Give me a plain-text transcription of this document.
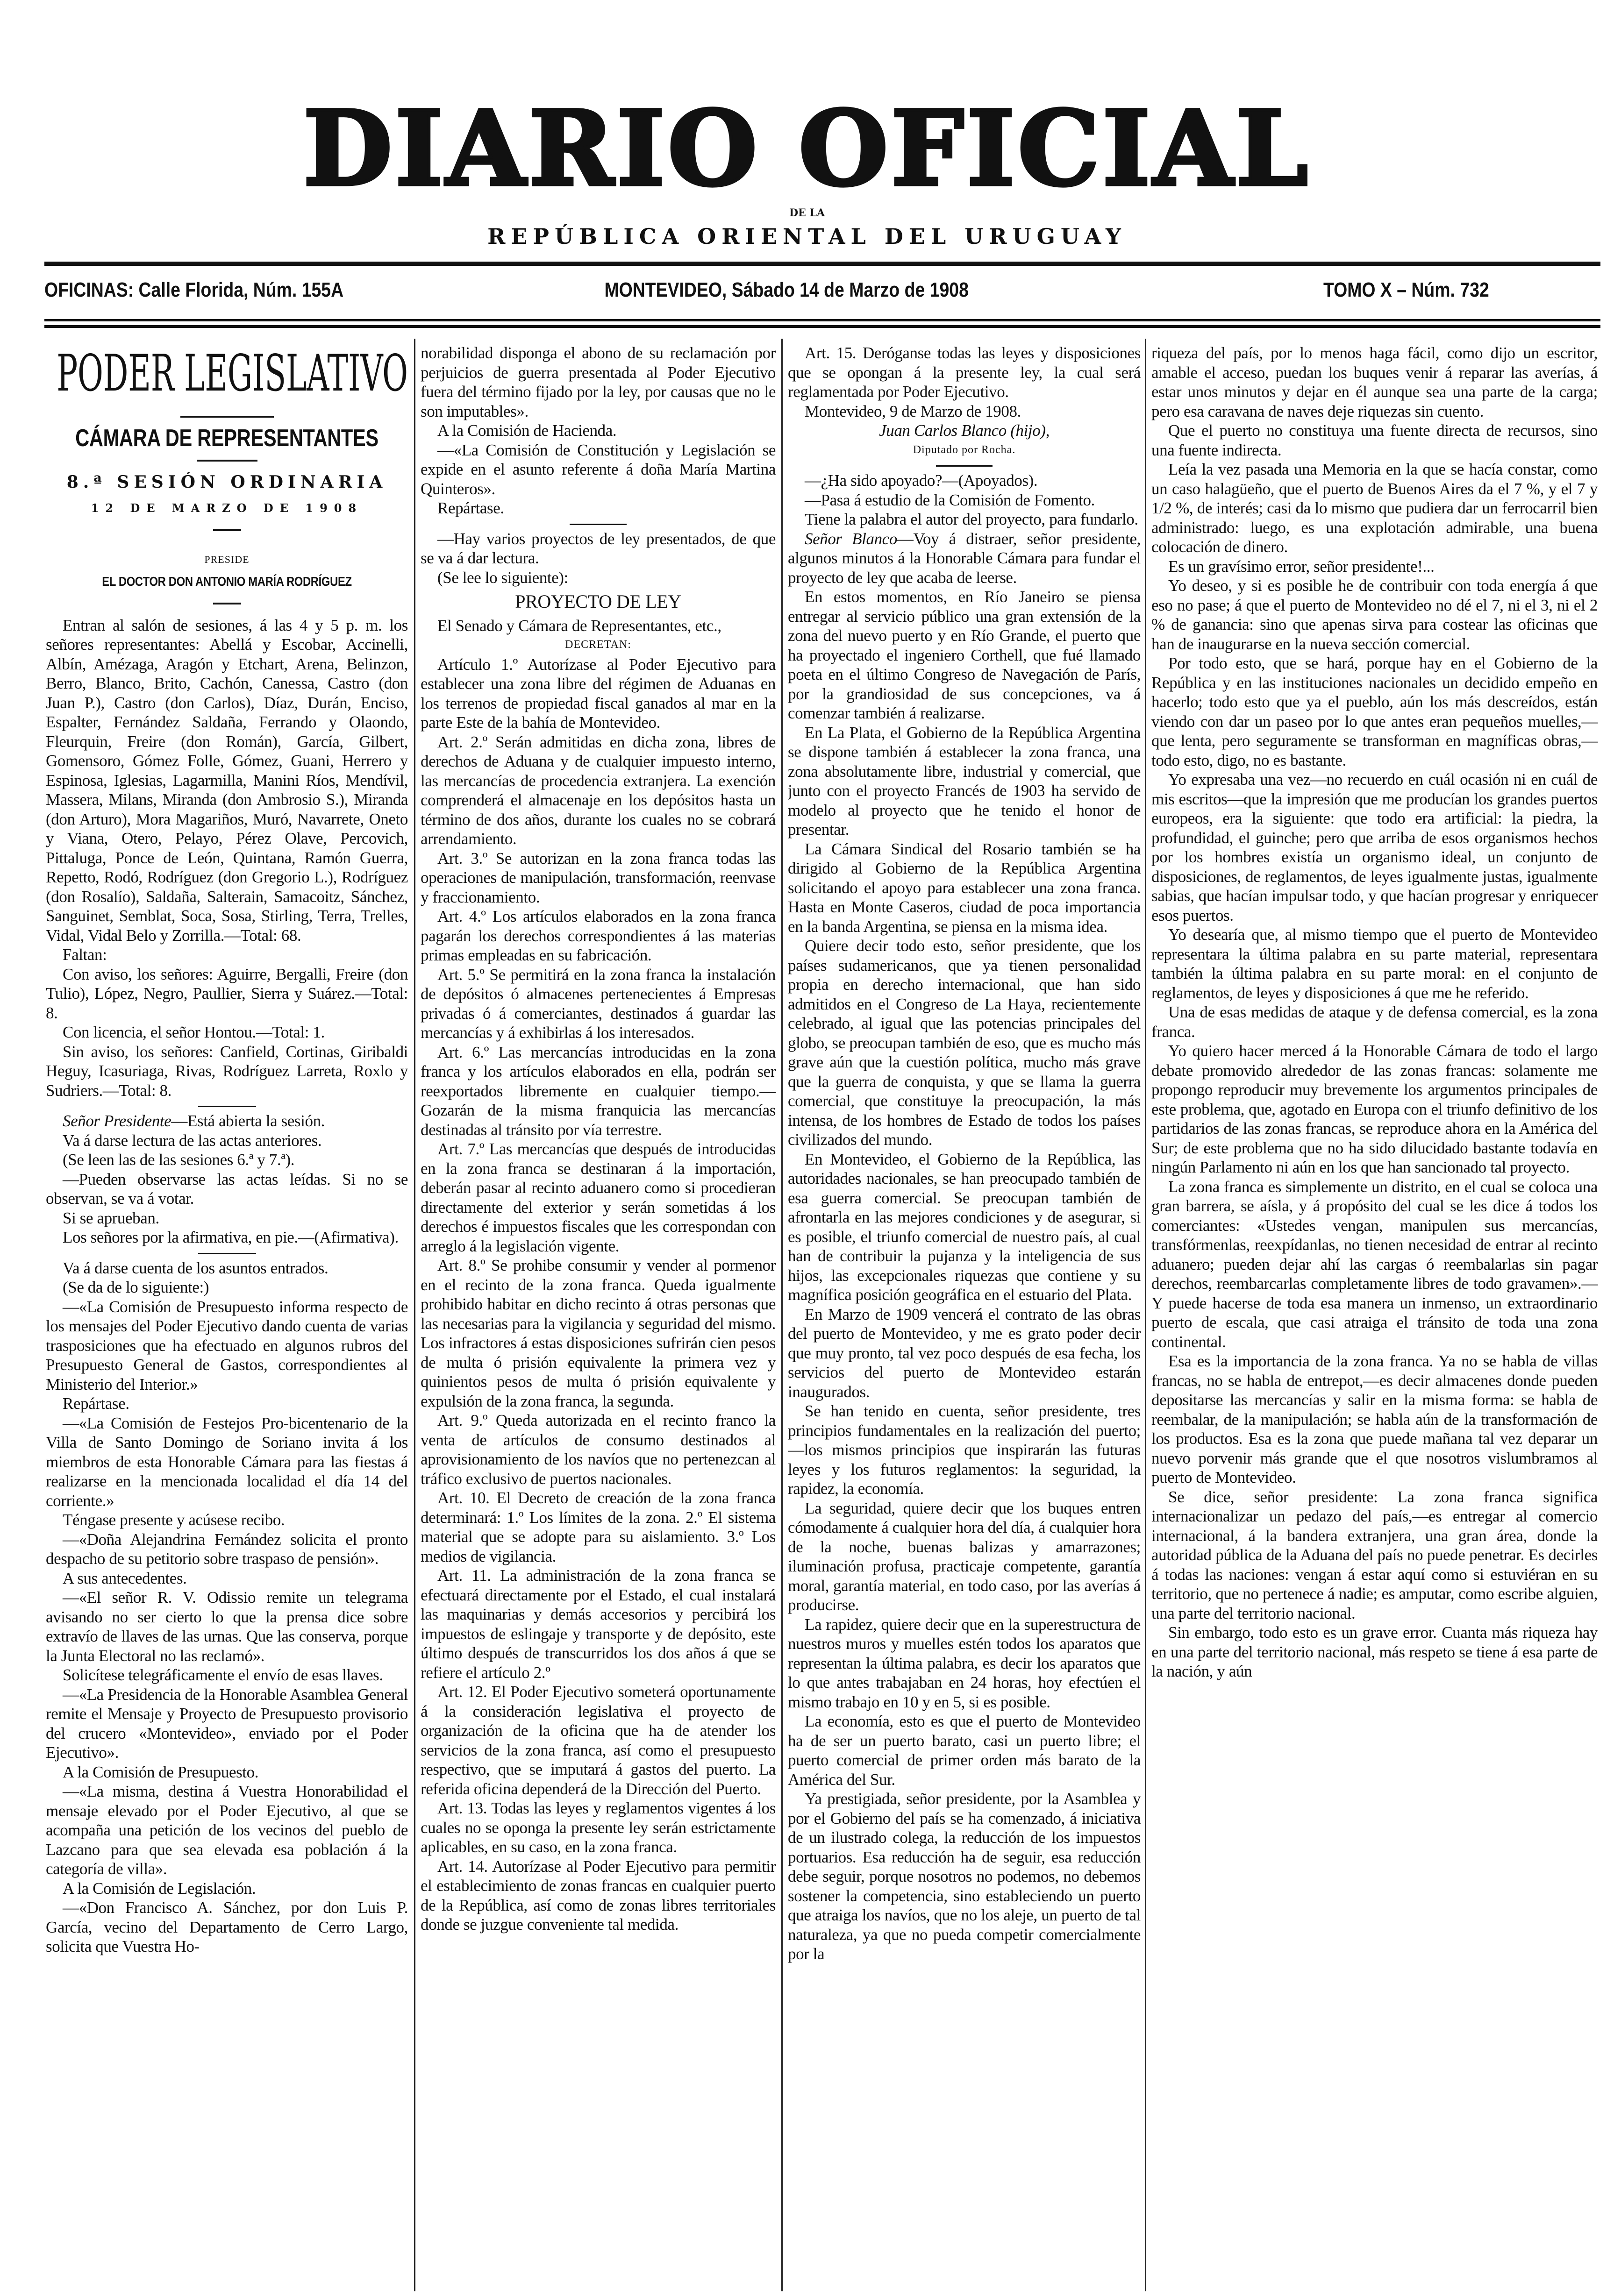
DIARIO OFICIAL
DE LA
REPÚBLICA ORIENTAL DEL URUGUAY
OFICINAS: Calle Florida, Núm. 155A	MONTEVIDEO, Sábado 14 de Marzo de 1908	TOMO X – Núm. 732
PODER LEGISLATIVO
CÁMARA DE REPRESENTANTES
8.ª SESIÓN ORDINARIA
12 DE MARZO DE 1908
PRESIDE
EL DOCTOR DON ANTONIO MARÍA RODRÍGUEZ

Entran al salón de sesiones, á las 4 y 5 p. m. los señores representantes: Abellá y Escobar, Accinelli, Albín, Amézaga, Aragón y Etchart, Arena, Belinzon, Berro, Blanco, Brito, Cachón, Canessa, Castro (don Juan P.), Castro (don Carlos), Díaz, Durán, Enciso, Espalter, Fernández Saldaña, Ferrando y Olaondo, Fleurquin, Freire (don Román), García, Gilbert, Gomensoro, Gómez Folle, Gómez, Guani, Herrero y Espinosa, Iglesias, Lagarmilla, Manini Ríos, Mendívil, Massera, Milans, Miranda (don Ambrosio S.), Miranda (don Arturo), Mora Magariños, Muró, Navarrete, Oneto y Viana, Otero, Pelayo, Pérez Olave, Percovich, Pittaluga, Ponce de León, Quintana, Ramón Guerra, Repetto, Rodó, Rodríguez (don Gregorio L.), Rodríguez (don Rosalío), Saldaña, Salterain, Samacoitz, Sánchez, Sanguinet, Semblat, Soca, Sosa, Stirling, Terra, Trelles, Vidal, Vidal Belo y Zorrilla.—Total: 68.

Faltan:

Con aviso, los señores: Aguirre, Bergalli, Freire (don Tulio), López, Negro, Paullier, Sierra y Suárez.—Total: 8.

Con licencia, el señor Hontou.—Total: 1.

Sin aviso, los señores: Canfield, Cortinas, Giribaldi Heguy, Icasuriaga, Rivas, Rodríguez Larreta, Roxlo y Sudriers.—Total: 8.

Señor Presidente—Está abierta la sesión.

Va á darse lectura de las actas anteriores.

(Se leen las de las sesiones 6.ª y 7.ª).

—Pueden observarse las actas leídas. Si no se observan, se va á votar.

Si se aprueban.

Los señores por la afirmativa, en pie.—(Afirmativa).

Va á darse cuenta de los asuntos entrados.

(Se da de lo siguiente:)

—«La Comisión de Presupuesto informa respecto de los mensajes del Poder Ejecutivo dando cuenta de varias trasposiciones que ha efectuado en algunos rubros del Presupuesto General de Gastos, correspondientes al Ministerio del Interior.»

Repártase.

—«La Comisión de Festejos Pro-bicentenario de la Villa de Santo Domingo de Soriano invita á los miembros de esta Honorable Cámara para las fiestas á realizarse en la mencionada localidad el día 14 del corriente.»

Téngase presente y acúsese recibo.

—«Doña Alejandrina Fernández solicita el pronto despacho de su petitorio sobre traspaso de pensión».

A sus antecedentes.

—«El señor R. V. Odissio remite un telegrama avisando no ser cierto lo que la prensa dice sobre extravío de llaves de las urnas. Que las conserva, porque la Junta Electoral no las reclamó».

Solicítese telegráficamente el envío de esas llaves.

—«La Presidencia de la Honorable Asamblea General remite el Mensaje y Proyecto de Presupuesto provisorio del crucero «Montevideo», enviado por el Poder Ejecutivo».

A la Comisión de Presupuesto.

—«La misma, destina á Vuestra Honorabilidad el mensaje elevado por el Poder Ejecutivo, al que se acompaña una petición de los vecinos del pueblo de Lazcano para que sea elevada esa población á la categoría de villa».

A la Comisión de Legislación.

—«Don Francisco A. Sánchez, por don Luis P. García, vecino del Departamento de Cerro Largo, solicita que Vuestra Ho-

norabilidad disponga el abono de su reclamación por perjuicios de guerra presentada al Poder Ejecutivo fuera del término fijado por la ley, por causas que no le son imputables».

A la Comisión de Hacienda.

—«La Comisión de Constitución y Legislación se expide en el asunto referente á doña María Martina Quinteros».

Repártase.

—Hay varios proyectos de ley presentados, de que se va á dar lectura.

(Se lee lo siguiente):

PROYECTO DE LEY

El Senado y Cámara de Representantes, etc.,

DECRETAN:

Artículo 1.º Autorízase al Poder Ejecutivo para establecer una zona libre del régimen de Aduanas en los terrenos de propiedad fiscal ganados al mar en la parte Este de la bahía de Montevideo.

Art. 2.º Serán admitidas en dicha zona, libres de derechos de Aduana y de cualquier impuesto interno, las mercancías de procedencia extranjera. La exención comprenderá el almacenaje en los depósitos hasta un término de dos años, durante los cuales no se cobrará arrendamiento.

Art. 3.º Se autorizan en la zona franca todas las operaciones de manipulación, transformación, reenvase y fraccionamiento.

Art. 4.º Los artículos elaborados en la zona franca pagarán los derechos correspondientes á las materias primas empleadas en su fabricación.

Art. 5.º Se permitirá en la zona franca la instalación de depósitos ó almacenes pertenecientes á Empresas privadas ó á comerciantes, destinados á guardar las mercancías y á exhibirlas á los interesados.

Art. 6.º Las mercancías introducidas en la zona franca y los artículos elaborados en ella, podrán ser reexportados libremente en cualquier tiempo.—Gozarán de la misma franquicia las mercancías destinadas al tránsito por vía terrestre.

Art. 7.º Las mercancías que después de introducidas en la zona franca se destinaran á la importación, deberán pasar al recinto aduanero como si procedieran directamente del exterior y serán sometidas á los derechos é impuestos fiscales que les correspondan con arreglo á la legislación vigente.

Art. 8.º Se prohibe consumir y vender al pormenor en el recinto de la zona franca. Queda igualmente prohibido habitar en dicho recinto á otras personas que las necesarias para la vigilancia y seguridad del mismo. Los infractores á estas disposiciones sufrirán cien pesos de multa ó prisión equivalente la primera vez y quinientos pesos de multa ó prisión equivalente y expulsión de la zona franca, la segunda.

Art. 9.º Queda autorizada en el recinto franco la venta de artículos de consumo destinados al aprovisionamiento de los navíos que no pertenezcan al tráfico exclusivo de puertos nacionales.

Art. 10. El Decreto de creación de la zona franca determinará: 1.º Los límites de la zona. 2.º El sistema material que se adopte para su aislamiento. 3.º Los medios de vigilancia.

Art. 11. La administración de la zona franca se efectuará directamente por el Estado, el cual instalará las maquinarias y demás accesorios y percibirá los impuestos de eslingaje y transporte y de depósito, este último después de transcurridos los dos años á que se refiere el artículo 2.º

Art. 12. El Poder Ejecutivo someterá oportunamente á la consideración legislativa el proyecto de organización de la oficina que ha de atender los servicios de la zona franca, así como el presupuesto respectivo, que se imputará á gastos del puerto. La referida oficina dependerá de la Dirección del Puerto.

Art. 13. Todas las leyes y reglamentos vigentes á los cuales no se oponga la presente ley serán estrictamente aplicables, en su caso, en la zona franca.

Art. 14. Autorízase al Poder Ejecutivo para permitir el establecimiento de zonas francas en cualquier puerto de la República, así como de zonas libres territoriales donde se juzgue conveniente tal medida.

Art. 15. Deróganse todas las leyes y disposiciones que se opongan á la presente ley, la cual será reglamentada por Poder Ejecutivo.

Montevideo, 9 de Marzo de 1908.

Juan Carlos Blanco (hijo),

Diputado por Rocha.

—¿Ha sido apoyado?—(Apoyados).

—Pasa á estudio de la Comisión de Fomento.

Tiene la palabra el autor del proyecto, para fundarlo.

Señor Blanco—Voy á distraer, señor presidente, algunos minutos á la Honorable Cámara para fundar el proyecto de ley que acaba de leerse.

En estos momentos, en Río Janeiro se piensa entregar al servicio público una gran extensión de la zona del nuevo puerto y en Río Grande, el puerto que ha proyectado el ingeniero Corthell, que fué llamado poeta en el último Congreso de Navegación de París, por la grandiosidad de sus concepciones, va á comenzar también á realizarse.

En La Plata, el Gobierno de la República Argentina se dispone también á establecer la zona franca, una zona absolutamente libre, industrial y comercial, que junto con el proyecto Francés de 1903 ha servido de modelo al proyecto que he tenido el honor de presentar.

La Cámara Sindical del Rosario también se ha dirigido al Gobierno de la República Argentina solicitando el apoyo para establecer una zona franca. Hasta en Monte Caseros, ciudad de poca importancia en la banda Argentina, se piensa en la misma idea.

Quiere decir todo esto, señor presidente, que los países sudamericanos, que ya tienen personalidad propia en derecho internacional, que han sido admitidos en el Congreso de La Haya, recientemente celebrado, al igual que las potencias principales del globo, se preocupan también de eso, que es mucho más grave aún que la cuestión política, mucho más grave que la guerra de conquista, y que se llama la guerra comercial, que constituye la preocupación, la más intensa, de los hombres de Estado de todos los países civilizados del mundo.

En Montevideo, el Gobierno de la República, las autoridades nacionales, se han preocupado también de esa guerra comercial. Se preocupan también de afrontarla en las mejores condiciones y de asegurar, si es posible, el triunfo comercial de nuestro país, al cual han de contribuir la pujanza y la inteligencia de sus hijos, las excepcionales riquezas que contiene y su magnífica posición geográfica en el estuario del Plata.

En Marzo de 1909 vencerá el contrato de las obras del puerto de Montevideo, y me es grato poder decir que muy pronto, tal vez poco después de esa fecha, los servicios del puerto de Montevideo estarán inaugurados.

Se han tenido en cuenta, señor presidente, tres principios fundamentales en la realización del puerto;—los mismos principios que inspirarán las futuras leyes y los futuros reglamentos: la seguridad, la rapidez, la economía.

La seguridad, quiere decir que los buques entren cómodamente á cualquier hora del día, á cualquier hora de la noche, buenas balizas y amarrazones; iluminación profusa, practicaje competente, garantía moral, garantía material, en todo caso, por las averías á producirse.

La rapidez, quiere decir que en la superestructura de nuestros muros y muelles estén todos los aparatos que representan la última palabra, es decir los aparatos que lo que antes trabajaban en 24 horas, hoy efectúen el mismo trabajo en 10 y en 5, si es posible.

La economía, esto es que el puerto de Montevideo ha de ser un puerto barato, casi un puerto libre; el puerto comercial de primer orden más barato de la América del Sur.

Ya prestigiada, señor presidente, por la Asamblea y por el Gobierno del país se ha comenzado, á iniciativa de un ilustrado colega, la reducción de los impuestos portuarios. Esa reducción ha de seguir, esa reducción debe seguir, porque nosotros no podemos, no debemos sostener la competencia, sino estableciendo un puerto que atraiga los navíos, que no los aleje, un puerto de tal naturaleza, ya que no pueda competir comercialmente por la

riqueza del país, por lo menos haga fácil, como dijo un escritor, amable el acceso, puedan los buques venir á reparar las averías, á estar unos minutos y dejar en él aunque sea una parte de la carga; pero esa caravana de naves deje riquezas sin cuento.

Que el puerto no constituya una fuente directa de recursos, sino una fuente indirecta.

Leía la vez pasada una Memoria en la que se hacía constar, como un caso halagüeño, que el puerto de Buenos Aires da el 7 %, y el 7 y 1/2 %, de interés; casi da lo mismo que pudiera dar un ferrocarril bien administrado: luego, es una explotación admirable, una buena colocación de dinero.

Es un gravísimo error, señor presidente!...

Yo deseo, y si es posible he de contribuir con toda energía á que eso no pase; á que el puerto de Montevideo no dé el 7, ni el 3, ni el 2 % de ganancia: sino que apenas sirva para costear las oficinas que han de inaugurarse en la nueva sección comercial.

Por todo esto, que se hará, porque hay en el Gobierno de la República y en las instituciones nacionales un decidido empeño en hacerlo; todo esto que ya el pueblo, aún los más descreídos, están viendo con dar un paseo por lo que antes eran pequeños muelles,—que lenta, pero seguramente se transforman en magníficas obras,—todo esto, digo, no es bastante.

Yo expresaba una vez—no recuerdo en cuál ocasión ni en cuál de mis escritos—que la impresión que me producían los grandes puertos europeos, era la siguiente: que todo era artificial: la piedra, la profundidad, el guinche; pero que arriba de esos organismos hechos por los hombres existía un organismo ideal, un conjunto de disposiciones, de reglamentos, de leyes igualmente justas, igualmente sabias, que hacían impulsar todo, y que hacían progresar y enriquecer esos puertos.

Yo desearía que, al mismo tiempo que el puerto de Montevideo representara la última palabra en su parte material, representara también la última palabra en su parte moral: en el conjunto de reglamentos, de leyes y disposiciones á que me he referido.

Una de esas medidas de ataque y de defensa comercial, es la zona franca.

Yo quiero hacer merced á la Honorable Cámara de todo el largo debate promovido alrededor de las zonas francas: solamente me propongo reproducir muy brevemente los argumentos principales de este problema, que, agotado en Europa con el triunfo definitivo de los partidarios de las zonas francas, se reproduce ahora en la América del Sur; de este problema que no ha sido dilucidado bastante todavía en ningún Parlamento ni aún en los que han sancionado tal proyecto.

La zona franca es simplemente un distrito, en el cual se coloca una gran barrera, se aísla, y á propósito del cual se les dice á todos los comerciantes: «Ustedes vengan, manipulen sus mercancías, transfórmenlas, reexpídanlas, no tienen necesidad de entrar al recinto aduanero; pueden dejar ahí las cargas ó reembalarlas sin pagar derechos, reembarcarlas completamente libres de todo gravamen».—Y puede hacerse de toda esa manera un inmenso, un extraordinario puerto de escala, que casi atraiga el tránsito de toda una zona continental.

Esa es la importancia de la zona franca. Ya no se habla de villas francas, no se habla de entrepot,—es decir almacenes donde pueden depositarse las mercancías y salir en la misma forma: se habla de reembalar, de la manipulación; se habla aún de la transformación de los productos. Esa es la zona que puede mañana tal vez deparar un nuevo porvenir más grande que el que nosotros vislumbramos al puerto de Montevideo.

Se dice, señor presidente: La zona franca significa internacionalizar un pedazo del país,—es entregar al comercio internacional, á la bandera extranjera, una gran área, donde la autoridad pública de la Aduana del país no puede penetrar. Es decirles á todas las naciones: vengan á estar aquí como si estuviéran en su territorio, que no pertenece á nadie; es amputar, como escribe alguien, una parte del territorio nacional.

Sin embargo, todo esto es un grave error. Cuanta más riqueza hay en una parte del territorio nacional, más respeto se tiene á esa parte de la nación, y aún
